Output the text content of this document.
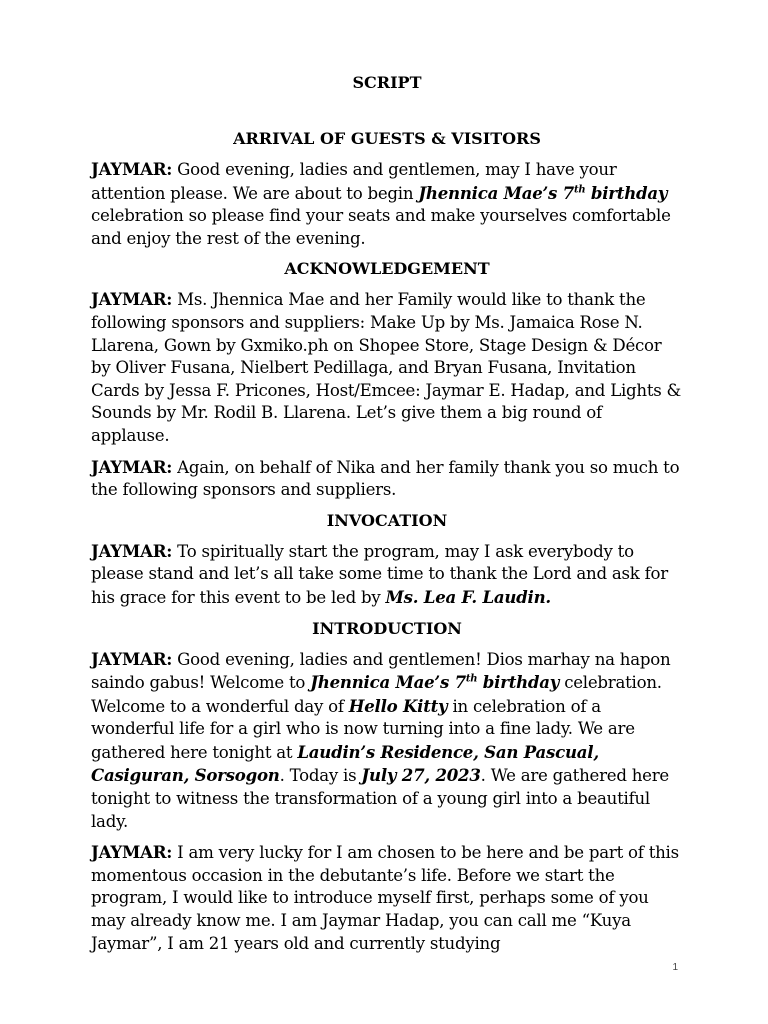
SCRIPT
ARRIVAL OF GUESTS & VISITORS

JAYMAR: Good evening, ladies and gentlemen, may I have your attention please. We are about to begin Jhennica Mae’s 7th birthday celebration so please find your seats and make yourselves comfortable and enjoy the rest of the evening.

ACKNOWLEDGEMENT

JAYMAR: Ms. Jhennica Mae and her Family would like to thank the following sponsors and suppliers: Make Up by Ms. Jamaica Rose N. Llarena, Gown by Gxmiko.ph on Shopee Store, Stage Design & Décor by Oliver Fusana, Nielbert Pedillaga, and Bryan Fusana, Invitation Cards by Jessa F. Pricones, Host/Emcee: Jaymar E. Hadap, and Lights & Sounds by Mr. Rodil B. Llarena. Let’s give them a big round of applause.

JAYMAR: Again, on behalf of Nika and her family thank you so much to the following sponsors and suppliers.

INVOCATION

JAYMAR: To spiritually start the program, may I ask everybody to please stand and let’s all take some time to thank the Lord and ask for his grace for this event to be led by Ms. Lea F. Laudin.

INTRODUCTION

JAYMAR: Good evening, ladies and gentlemen! Dios marhay na hapon saindo gabus! Welcome to Jhennica Mae’s 7th birthday celebration. Welcome to a wonderful day of Hello Kitty in celebration of a wonderful life for a girl who is now turning into a fine lady. We are gathered here tonight at Laudin’s Residence, San Pascual, Casiguran, Sorsogon. Today is July 27, 2023. We are gathered here tonight to witness the transformation of a young girl into a beautiful lady.

JAYMAR: I am very lucky for I am chosen to be here and be part of this momentous occasion in the debutante’s life. Before we start the program, I would like to introduce myself first, perhaps some of you may already know me. I am Jaymar Hadap, you can call me “Kuya Jaymar”, I am 21 years old and currently studying

1
